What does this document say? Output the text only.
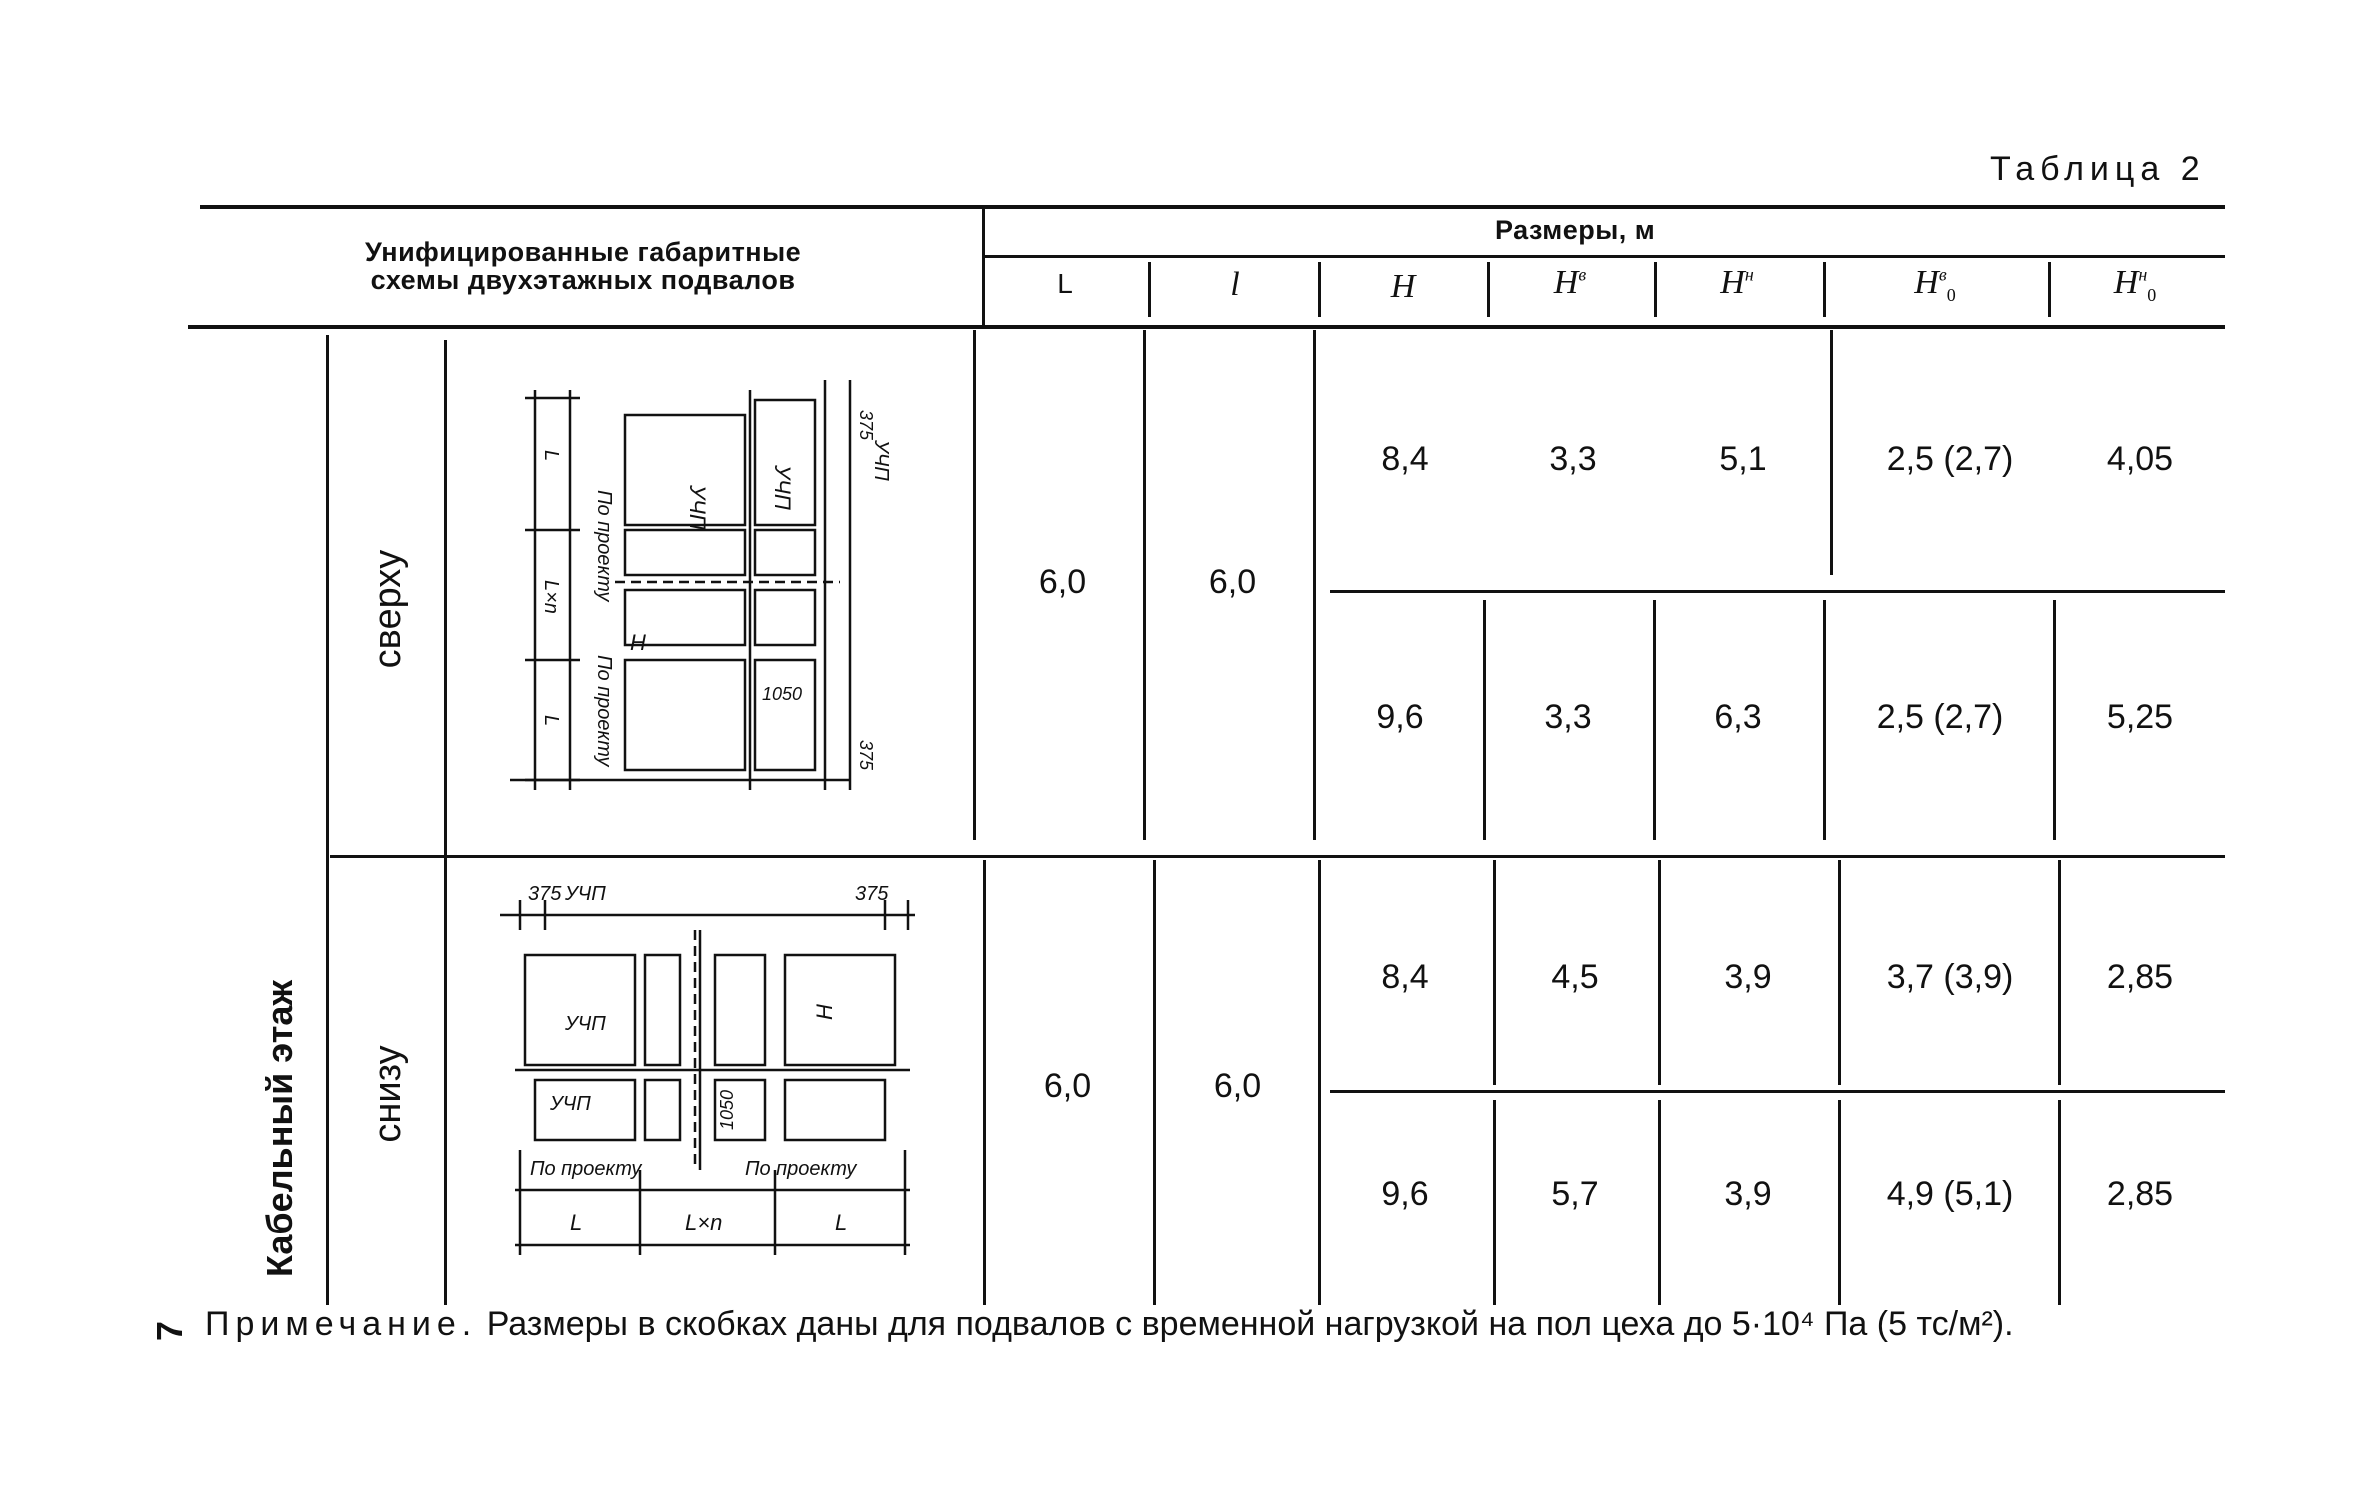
Таблица 2
Унифицированные габаритные
схемы двухэтажных подвалов
Размеры, м
L	l	H	$H^в$	$H^н$	$H^в_0$	$H^н_0$
Кабельный этаж
сверху
снизу
6,0	6,0
8,4	3,3	5,1	2,5 (2,7)	4,05
9,6	3,3	6,3	2,5 (2,7)	5,25
6,0	6,0
8,4	4,5	3,9	3,7 (3,9)	2,85
9,6	5,7	3,9	4,9 (5,1)	2,85
H
УЧП	УЧП
По проекту
По проекту	1050
375
375
УЧП
L
L×n
L
375 УЧП	375
УЧП
УЧП
H
1050
По проекту	По проекту
L	L×n	L
Примечание. Размеры в скобках даны для подвалов с временной нагрузкой на пол цеха до 5·10⁴ Па (5 тс/м²).
7
